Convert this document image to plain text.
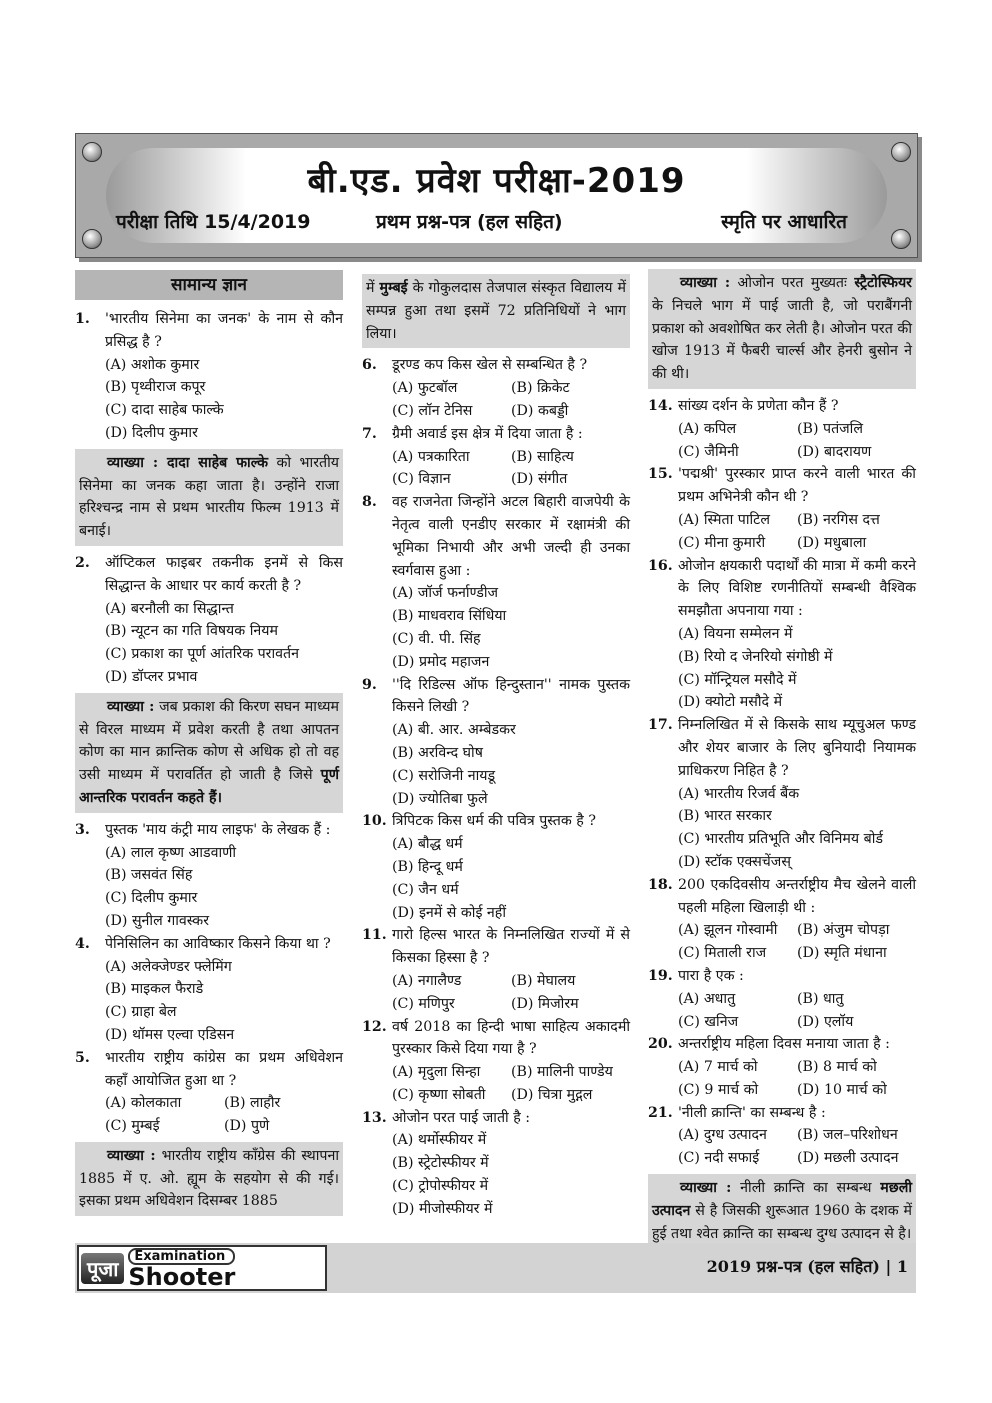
बी.एड. प्रवेश परीक्षा-2019
परीक्षा तिथि 15/4/2019	प्रथम प्रश्न-पत्र (हल सहित)	स्मृति पर आधारित
सामान्य ज्ञान
1.	'भारतीय सिनेमा का जनक' के नाम से कौन प्रसिद्ध है ?
(A) अशोक कुमार
(B) पृथ्वीराज कपूर
(C) दादा साहेब फाल्के
(D) दिलीप कुमार
व्याख्या : दादा साहेब फाल्के को भारतीय सिनेमा का जनक कहा जाता है। उन्होंने राजा हरिश्चन्द्र नाम से प्रथम भारतीय फिल्म 1913 में बनाई।
2.	ऑप्टिकल फाइबर तकनीक इनमें से किस सिद्धान्त के आधार पर कार्य करती है ?
(A) बरनौली का सिद्धान्त
(B) न्यूटन का गति विषयक नियम
(C) प्रकाश का पूर्ण आंतरिक परावर्तन
(D) डॉप्लर प्रभाव
व्याख्या : जब प्रकाश की किरण सघन माध्यम से विरल माध्यम में प्रवेश करती है तथा आपतन कोण का मान क्रान्तिक कोण से अधिक हो तो वह उसी माध्यम में परावर्तित हो जाती है जिसे पूर्ण आन्तरिक परावर्तन कहते हैं।
3.	पुस्तक 'माय कंट्री माय लाइफ' के लेखक हैं :
(A) लाल कृष्ण आडवाणी
(B) जसवंत सिंह
(C) दिलीप कुमार
(D) सुनील गावस्कर
4.	पेनिसिलिन का आविष्कार किसने किया था ?
(A) अलेक्जेण्डर फ्लेमिंग
(B) माइकल फैराडे
(C) ग्राहा बेल
(D) थॉमस एल्वा एडिसन
5.	भारतीय राष्ट्रीय कांग्रेस का प्रथम अधिवेशन कहाँ आयोजित हुआ था ?
(A) कोलकाता	(B) लाहौर
(C) मुम्बई	(D) पुणे
व्याख्या : भारतीय राष्ट्रीय काँग्रेस की स्थापना 1885 में ए. ओ. ह्यूम के सहयोग से की गई। इसका प्रथम अधिवेशन दिसम्बर 1885
में मुम्बई के गोकुलदास तेजपाल संस्कृत विद्यालय में सम्पन्न हुआ तथा इसमें 72 प्रतिनिधियों ने भाग लिया।
6.	डूरण्ड कप किस खेल से सम्बन्धित है ?
(A) फुटबॉल	(B) क्रिकेट
(C) लॉन टेनिस	(D) कबड्डी
7.	ग्रैमी अवार्ड इस क्षेत्र में दिया जाता है :
(A) पत्रकारिता	(B) साहित्य
(C) विज्ञान	(D) संगीत
8.	वह राजनेता जिन्होंने अटल बिहारी वाजपेयी के नेतृत्व वाली एनडीए सरकार में रक्षामंत्री की भूमिका निभायी और अभी जल्दी ही उनका स्वर्गवास हुआ :
(A) जॉर्ज फर्नाण्डीज
(B) माधवराव सिंधिया
(C) वी. पी. सिंह
(D) प्रमोद महाजन
9.	''दि रिडिल्स ऑफ हिन्दुस्तान'' नामक पुस्तक किसने लिखी ?
(A) बी. आर. अम्बेडकर
(B) अरविन्द घोष
(C) सरोजिनी नायडू
(D) ज्योतिबा फुले
10. त्रिपिटक किस धर्म की पवित्र पुस्तक है ?
(A) बौद्ध धर्म
(B) हिन्दू धर्म
(C) जैन धर्म
(D) इनमें से कोई नहीं
11. गारो हिल्स भारत के निम्नलिखित राज्यों में से किसका हिस्सा है ?
(A) नगालैण्ड	(B) मेघालय
(C) मणिपुर	(D) मिजोरम
12. वर्ष 2018 का हिन्दी भाषा साहित्य अकादमी पुरस्कार किसे दिया गया है ?
(A) मृदुला सिन्हा	(B) मालिनी पाण्डेय
(C) कृष्णा सोबती	(D) चित्रा मुद्गल
13. ओजोन परत पाई जाती है :
(A) थर्मोस्फीयर में
(B) स्ट्रेटोस्फीयर में
(C) ट्रोपोस्फीयर में
(D) मीजोस्फीयर में
व्याख्या : ओजोन परत मुख्यतः स्ट्रैटोस्फियर के निचले भाग में पाई जाती है, जो पराबैंगनी प्रकाश को अवशोषित कर लेती है। ओजोन परत की खोज 1913 में फैबरी चार्ल्स और हेनरी बुसोन ने की थी।
14. सांख्य दर्शन के प्रणेता कौन हैं ?
(A) कपिल	(B) पतंजलि
(C) जैमिनी	(D) बादरायण
15. 'पद्मश्री' पुरस्कार प्राप्त करने वाली भारत की प्रथम अभिनेत्री कौन थी ?
(A) स्मिता पाटिल	(B) नरगिस दत्त
(C) मीना कुमारी	(D) मधुबाला
16. ओजोन क्षयकारी पदार्थों की मात्रा में कमी करने के लिए विशिष्ट रणनीतियों सम्बन्धी वैश्विक समझौता अपनाया गया :
(A) वियना सम्मेलन में
(B) रियो द जेनरियो संगोष्ठी में
(C) मॉन्ट्रियल मसौदे में
(D) क्योटो मसौदे में
17. निम्नलिखित में से किसके साथ म्यूचुअल फण्ड और शेयर बाजार के लिए बुनियादी नियामक प्राधिकरण निहित है ?
(A) भारतीय रिजर्व बैंक
(B) भारत सरकार
(C) भारतीय प्रतिभूति और विनिमय बोर्ड
(D) स्टॉक एक्सचेंजस्
18. 200 एकदिवसीय अन्तर्राष्ट्रीय मैच खेलने वाली पहली महिला खिलाड़ी थी :
(A) झूलन गोस्वामी	(B) अंजुम चोपड़ा
(C) मिताली राज	(D) स्मृति मंधाना
19. पारा है एक :
(A) अधातु	(B) धातु
(C) खनिज	(D) एलॉय
20. अन्तर्राष्ट्रीय महिला दिवस मनाया जाता है :
(A) 7 मार्च को	(B) 8 मार्च को
(C) 9 मार्च को	(D) 10 मार्च को
21. 'नीली क्रान्ति' का सम्बन्ध है :
(A) दुग्ध उत्पादन	(B) जल–परिशोधन
(C) नदी सफाई	(D) मछली उत्पादन
व्याख्या : नीली क्रान्ति का सम्बन्ध मछली उत्पादन से है जिसकी शुरूआत 1960 के दशक में हुई तथा श्वेत क्रान्ति का सम्बन्ध दुग्ध उत्पादन से है।
पूजा
Examination
Shooter	2019 प्रश्न-पत्र (हल सहित) | 1
